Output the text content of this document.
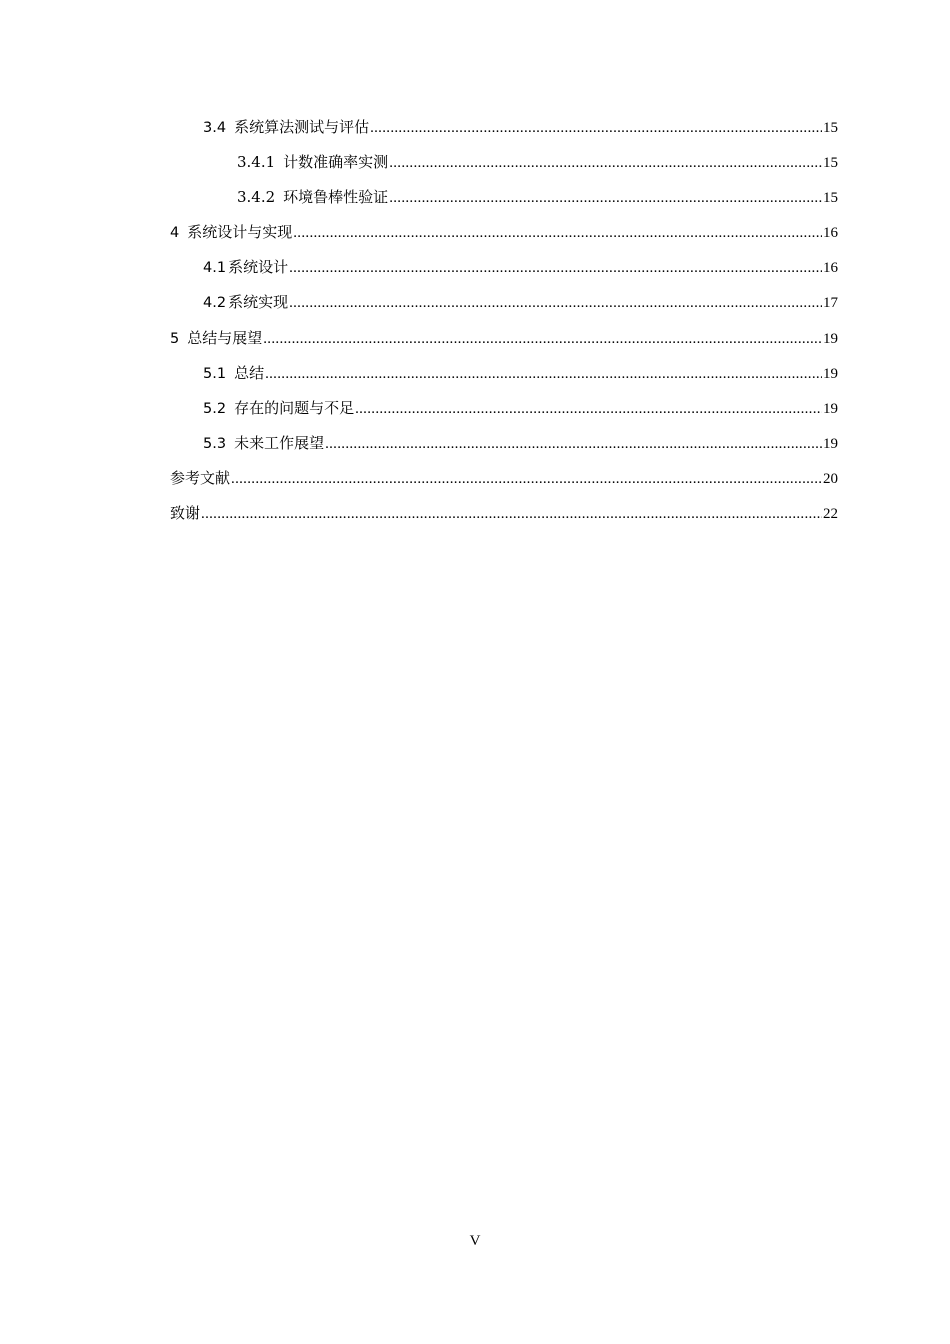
3.4 系统算法测试与评估 .....	15
3.4.1 计数准确率实测 .....	15
3.4.2 环境鲁棒性验证 .....	15
4 系统设计与实现 .....	16
4.1 系统设计 .....	16
4.2 系统实现 .....	17
5 总结与展望 .....	19
5.1 总结 .....	19
5.2 存在的问题与不足 .....	19
5.3 未来工作展望 .....	19
参考文献 .....	20
致谢 .....	22
V
